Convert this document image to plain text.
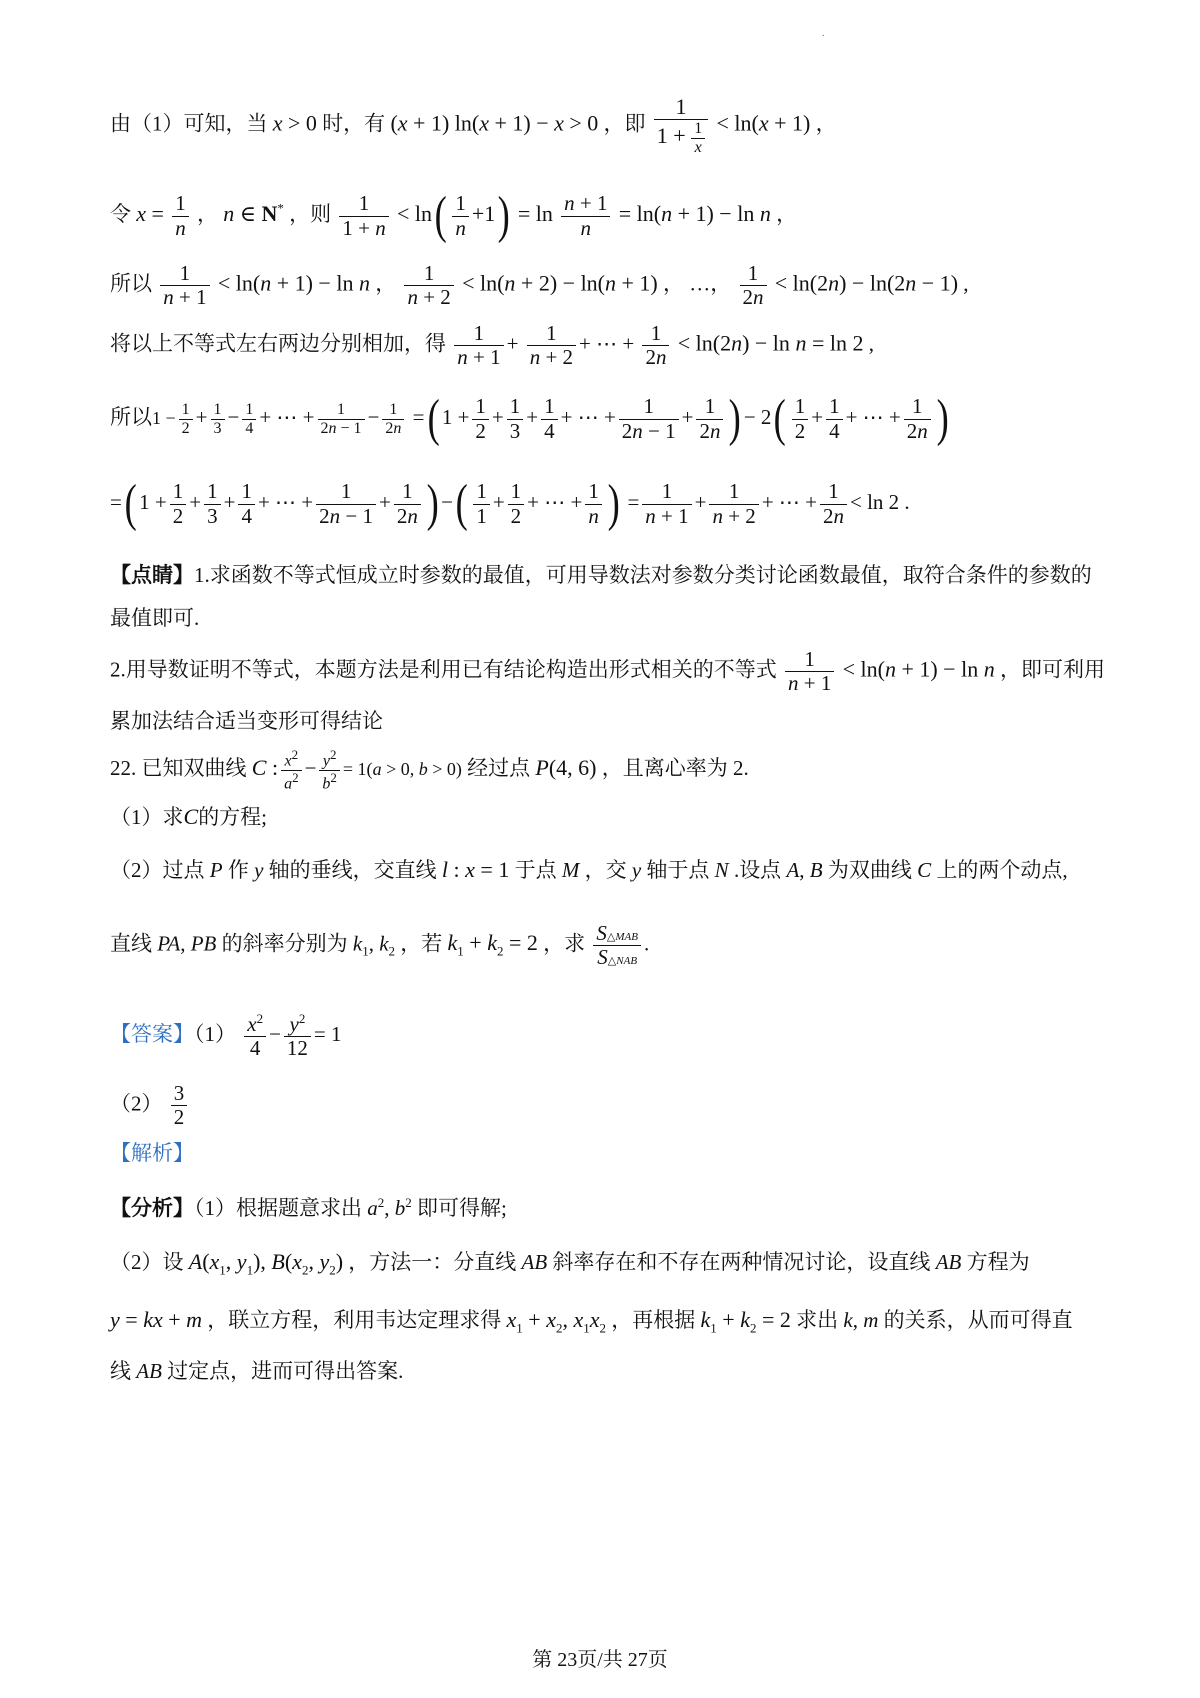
.
由（1）可知，当 x > 0 时，有 (x + 1) ln(x + 1) − x > 0 ，即 $\frac{1}{1 + \frac{1}{x}} < \ln(x + 1)$ ，
令 $x = \frac{1}{n}$ ， n ∈ N* ，则 $\frac{1}{1 + n} < \ln( \frac{1}{n} +1) = \ln \frac{n + 1}{n} = \ln(n + 1) - \ln n$ ，
所以 $\frac{1}{n + 1} < \ln(n + 1) - \ln n$ ， $\frac{1}{n + 2} < \ln(n + 2) - \ln(n + 1)$ ， …， $\frac{1}{2n} < \ln(2n) - \ln(2n - 1)$ ,
将以上不等式左右两边分别相加，得 $\frac{1}{n + 1} + \frac{1}{n + 2}$ + ⋯ + $\frac{1}{2n} < \ln(2n) - \ln n = \ln 2$ ,
所以$1 - \frac{1}{2} + \frac{1}{3} - \frac{1}{4}$ + ⋯ + $\frac{1}{2n - 1} - \frac{1}{2n}$ =( $1 + \frac{1}{2} + \frac{1}{3} + \frac{1}{4}$ + ⋯ + $\frac{1}{2n - 1} + \frac{1}{2n}$ ) − $2( \frac{1}{2} + \frac{1}{4}$ + ⋯ + $\frac{1}{2n}$ )
=( $1 + \frac{1}{2} + \frac{1}{3} + \frac{1}{4}$ + ⋯ + $\frac{1}{2n - 1} + \frac{1}{2n}$ ) −( $\frac{1}{1} + \frac{1}{2}$ + ⋯ + $\frac{1}{n}$ ) = $\frac{1}{n + 1} + \frac{1}{n + 2}$ + ⋯ + $\frac{1}{2n} < \ln 2$ .
【点睛】1.求函数不等式恒成立时参数的最值，可用导数法对参数分类讨论函数最值，取符合条件的参数的
最值即可.
2.用导数证明不等式，本题方法是利用已有结论构造出形式相关的不等式 $\frac{1}{n + 1} < \ln(n + 1) - \ln n$ ，即可利用
累加法结合适当变形可得结论
22. 已知双曲线 C : $\frac{x^2}{a^2} - \frac{y^2}{b^2} = 1(a > 0$, b > 0) 经过点 P(4, 6) ，且离心率为 2.
（1）求C的方程;
（2）过点 P 作 y 轴的垂线，交直线 l : x = 1 于点 M ，交 y 轴于点 N .设点 A, B 为双曲线 C 上的两个动点,
直线 PA, PB 的斜率分别为 $k_1$, $k_2$ ，若 $k_1 + k_2 = 2$ ，求 $\frac{\text{S△MAB}}{\text{S△NAB}}$ .
【答案】$(1) \frac{x^2}{4} - \frac{y^2}{12} = 1$
$(2) \frac{3}{2}$
【解析】
【分析】（1）根据题意求出 $a^2$, $b^2$ 即可得解;
（2）设 $A(x_1$, $y_1$), $B(x_2$, $y_2$) ，方法一：分直线 AB 斜率存在和不存在两种情况讨论，设直线 AB 方程为
y = kx + m ，联立方程，利用韦达定理求得 $x_1 + x_2$, $x_1x_2$ ，再根据 $k_1 + k_2 = 2$ 求出 k, m 的关系，从而可得直
线 AB 过定点，进而可得出答案.
第 23页/共 27页
